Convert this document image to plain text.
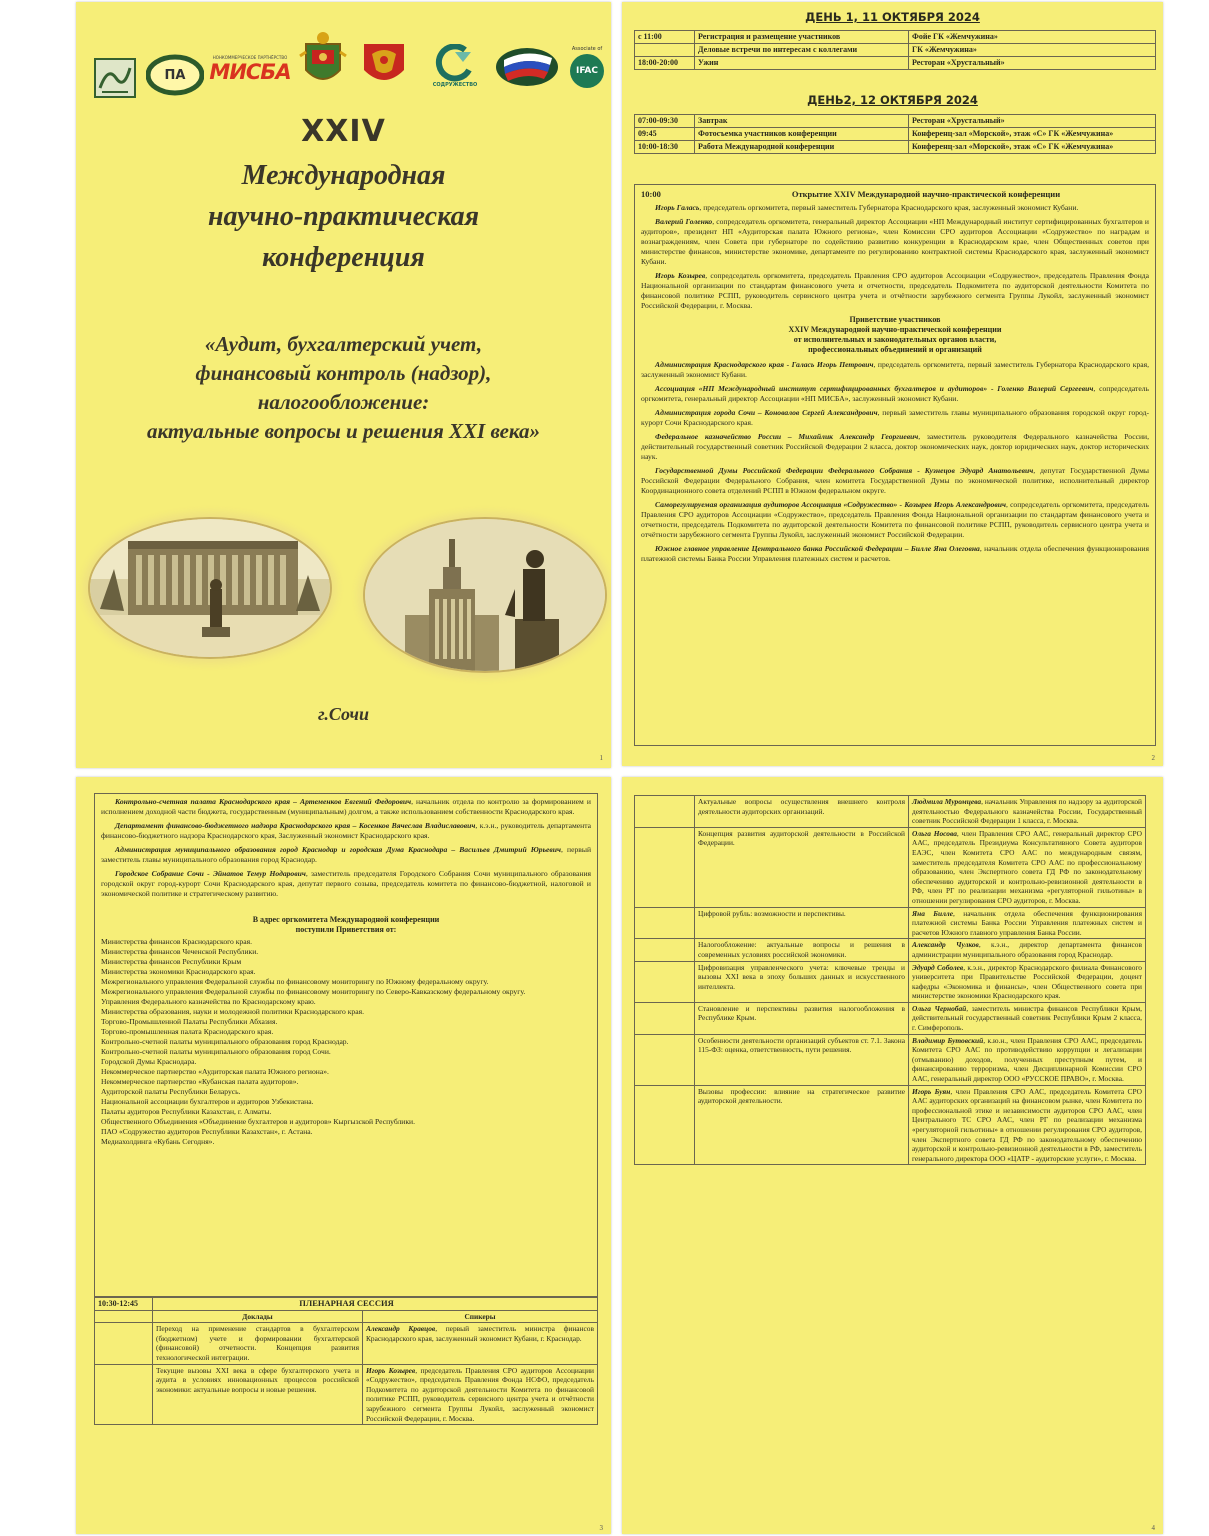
ПА
НОНКОММЕРЧЕСКОЕ ПАРТНЁРСТВО
МИСБА
СОДРУЖЕСТВО
Associate of
IFAC
XXIV
Международная
научно-практическая
конференция
«Аудит, бухгалтерский учет,
финансовый контроль (надзор),
налогообложение:
актуальные вопросы и решения XXI века»
г.Сочи
1
ДЕНЬ 1, 11 ОКТЯБРЯ 2024
с 11:00	Регистрация и размещение участников	Фойе ГК «Жемчужина»
	Деловые встречи по интересам с коллегами	ГК «Жемчужина»
18:00-20:00	Ужин	Ресторан «Хрустальный»
ДЕНЬ2, 12 ОКТЯБРЯ 2024
07:00-09:30	Завтрак	Ресторан «Хрустальный»
09:45	Фотосъемка участников конференции	Конференц-зал «Морской», этаж «С» ГК «Жемчужина»
10:00-18:30	Работа Международной конференции	Конференц-зал «Морской», этаж «С» ГК «Жемчужина»
10:00	Открытие XXIV Международной научно-практической конференции

Игорь Галась, председатель оргкомитета, первый заместитель Губернатора Краснодарского края, заслуженный экономист Кубани.

Валерий Голенко, сопредседатель оргкомитета, генеральный директор Ассоциации «НП Международный институт сертифицированных бухгалтеров и аудиторов», президент НП «Аудиторская палата Южного региона», член Комиссии СРО аудиторов Ассоциации «Содружество» по наградам и вознаграждениям, член Совета при губернаторе по содействию развитию конкуренции в Краснодарском крае, член Общественных советов при министерстве финансов, министерстве экономике, департаменте по регулированию контрактной системы Краснодарского края, заслуженный экономист Кубани.

Игорь Козырев, сопредседатель оргкомитета, председатель Правления СРО аудиторов Ассоциации «Содружество», председатель Правления Фонда Национальной организации по стандартам финансового учета и отчетности, председатель Подкомитета по аудиторской деятельности Комитета по финансовой политике РСПП, руководитель сервисного центра учета и отчётности зарубежного сегмента Группы Лукойл, заслуженный экономист Российской Федерации, г. Москва.

Приветствие участников

XXIV Международной научно-практической конференции

от исполнительных и законодательных органов власти,

профессиональных объединений и организаций

Администрация Краснодарского края - Галась Игорь Петрович, председатель оргкомитета, первый заместитель Губернатора Краснодарского края, заслуженный экономист Кубани.

Ассоциация «НП Международный институт сертифицированных бухгалтеров и аудиторов» - Голенко Валерий Сергеевич, сопредседатель оргкомитета, генеральный директор Ассоциации «НП МИСБА», заслуженный экономист Кубани.

Администрация города Сочи – Коновалов Сергей Александрович, первый заместитель главы муниципального образования городской округ город-курорт Сочи Краснодарского края.

Федеральное казначейство России – Михайлик Александр Георгиевич, заместитель руководителя Федерального казначейства России, действительный государственный советник Российской Федерации 2 класса, доктор экономических наук, доктор юридических наук, доктор исторических наук.

Государственной Думы Российской Федерации Федерального Собрания - Кузнецов Эдуард Анатольевич, депутат Государственной Думы Российской Федерации Федерального Собрания, член комитета Государственной Думы по экономической политике, исполнительный директор Координационного совета отделений РСПП в Южном федеральном округе.

Саморегулируемая организация аудиторов Ассоциация «Содружество» - Козырев Игорь Александрович, сопредседатель оргкомитета, председатель Правления СРО аудиторов Ассоциации «Содружество», председатель Правления Фонда Национальной организации по стандартам финансового учета и отчетности, председатель Подкомитета по аудиторской деятельности Комитета по финансовой политике РСПП, руководитель сервисного центра учета и отчётности зарубежного сегмента Группы Лукойл, заслуженный экономист Российской Федерации.

Южное главное управление Центрального банка Российской Федерации – Билле Яна Олеговна, начальник отдела обеспечения функционирования платежной системы Банка России Управления платежных систем и расчетов.

2

Контрольно-счетная палата Краснодарского края – Артеменков Евгений Федорович, начальник отдела по контролю за формированием и исполнением доходной части бюджета, государственным (муниципальным) долгом, а также использованием собственности Краснодарского края.

Департамент финансово-бюджетного надзора Краснодарского края – Косенков Вячеслав Владиславович, к.э.н., руководитель департамента финансово-бюджетного надзора Краснодарского края, Заслуженный экономист Краснодарского края.

Администрация муниципального образования город Краснодар и городская Дума Краснодара – Васильев Дмитрий Юрьевич, первый заместитель главы муниципального образования город Краснодар.

Городское Собрание Сочи - Эйнатов Темур Нодарович, заместитель председателя Городского Собрания Сочи муниципального образования городской округ город-курорт Сочи Краснодарского края, депутат первого созыва, председатель комитета по финансово-бюджетной, налоговой и экономической политике и стратегическому развитию.

В адрес оргкомитета Международной конференции

поступили Приветствия от:

Министерства финансов Краснодарского края.

Министерства финансов Чеченской Республики.

Министерства финансов Республики Крым

Министерства экономики Краснодарского края.

Межрегионального управления Федеральной службы по финансовому мониторингу по Южному федеральному округу.

Межрегионального управления Федеральной службы по финансовому мониторингу по Северо-Кавказскому федеральному округу.

Управления Федерального казначейства по Краснодарскому краю.

Министерства образования, науки и молодежной политики Краснодарского края.

Торгово-Промышленной Палаты Республики Абхазия.

Торгово-промышленная палата Краснодарского края.

Контрольно-счетной палаты муниципального образования город Краснодар.

Контрольно-счетной палаты муниципального образования город Сочи.

Городской Думы Краснодара.

Некоммерческое партнерство «Аудиторская палата Южного региона».

Некоммерческое партнерство «Кубанская палата аудиторов».

Аудиторской палаты Республики Беларусь.

Национальной ассоциации бухгалтеров и аудиторов Узбекистана.

Палаты аудиторов Республики Казахстан, г. Алматы.

Общественного Объединения «Объединение бухгалтеров и аудиторов» Кыргызской Республики.

ПАО «Содружество аудиторов Республики Казахстан», г. Астана.

Медиахолдинга «Кубань Сегодня».

10:30-12:45	ПЛЕНАРНАЯ СЕССИЯ	
	Доклады	Спикеры
	Переход на применение стандартов в бухгалтерском (бюджетном) учете и формировании бухгалтерской (финансовой) отчетности. Концепция развития технологической интеграции.	Александр Кравцов, первый заместитель министра финансов Краснодарского края, заслуженный экономист Кубани, г. Краснодар.
	Текущие вызовы XXI века в сфере бухгалтерского учета и аудита в условиях инновационных процессов российской экономики: актуальные вопросы и новые решения.	Игорь Козырев, председатель Правления СРО аудиторов Ассоциации «Содружество», председатель Правления Фонда НСФО, председатель Подкомитета по аудиторской деятельности Комитета по финансовой политике РСПП, руководитель сервисного центра учета и отчётности зарубежного сегмента Группы Лукойл, заслуженный экономист Российской Федерации, г. Москва.
3
	Актуальные вопросы осуществления внешнего контроля деятельности аудиторских организаций.	Людмила Муромцева, начальник Управления по надзору за аудиторской деятельностью Федерального казначейства России, Государственный советник Российской Федерации 1 класса, г. Москва.
	Концепция развития аудиторской деятельности в Российской Федерации.	Ольга Носова, член Правления СРО ААС, генеральный директор СРО ААС, председатель Президиума Консультативного Совета аудиторов ЕАЭС, член Комитета СРО ААС по международным связям, заместитель председателя Комитета СРО ААС по профессиональному образованию, член Экспертного совета ГД РФ по законодательному обеспечению аудиторской и контрольно-ревизионной деятельности в РФ, член РГ по реализации механизма «регуляторной гильотины» в отношении регулирования СРО аудиторов, г. Москва.
	Цифровой рубль: возможности и перспективы.	Яна Билле, начальник отдела обеспечения функционирования платежной системы Банка России Управления платежных систем и расчетов Южного главного управления Банка России.
	Налогообложение: актуальные вопросы и решения в современных условиях российской экономики.	Александр Чулков, к.э.н., директор департамента финансов администрации муниципального образования город Краснодар.
	Цифровизация управленческого учета: ключевые тренды и вызовы XXI века в эпоху больших данных и искусственного интеллекта.	Эдуард Соболев, к.э.н., директор Краснодарского филиала Финансового университета при Правительстве Российской Федерации, доцент кафедры «Экономика и финансы», член Общественного совета при министерстве экономики Краснодарского края.
	Становление и перспективы развития налогообложения в Республике Крым.	Ольга Чернобай, заместитель министра финансов Республики Крым, действительный государственный советник Республики Крым 2 класса, г. Симферополь.
	Особенности деятельности организаций субъектов ст. 7.1. Закона 115-ФЗ: оценка, ответственность, пути решения.	Владимир Бутовский, к.ю.н., член Правления СРО ААС, председатель Комитета СРО ААС по противодействию коррупции и легализации (отмыванию) доходов, полученных преступным путем, и финансированию терроризма, член Дисциплинарной Комиссии СРО ААС, генеральный директор ООО «РУССКОЕ ПРАВО», г. Москва.
	Вызовы профессии: влияние на стратегическое развитие аудиторской деятельности.	Игорь Буян, член Правления СРО ААС, председатель Комитета СРО ААС аудиторских организаций на финансовом рынке, член Комитета по профессиональной этике и независимости аудиторов СРО ААС, член Центрального ТС СРО ААС, член РГ по реализации механизма «регуляторной гильотины» в отношении регулирования СРО аудиторов, член Экспертного совета ГД РФ по законодательному обеспечению аудиторской и контрольно-ревизионной деятельности в РФ, заместитель генерального директора ООО «ЦАТР - аудиторские услуги», г. Москва.
4
